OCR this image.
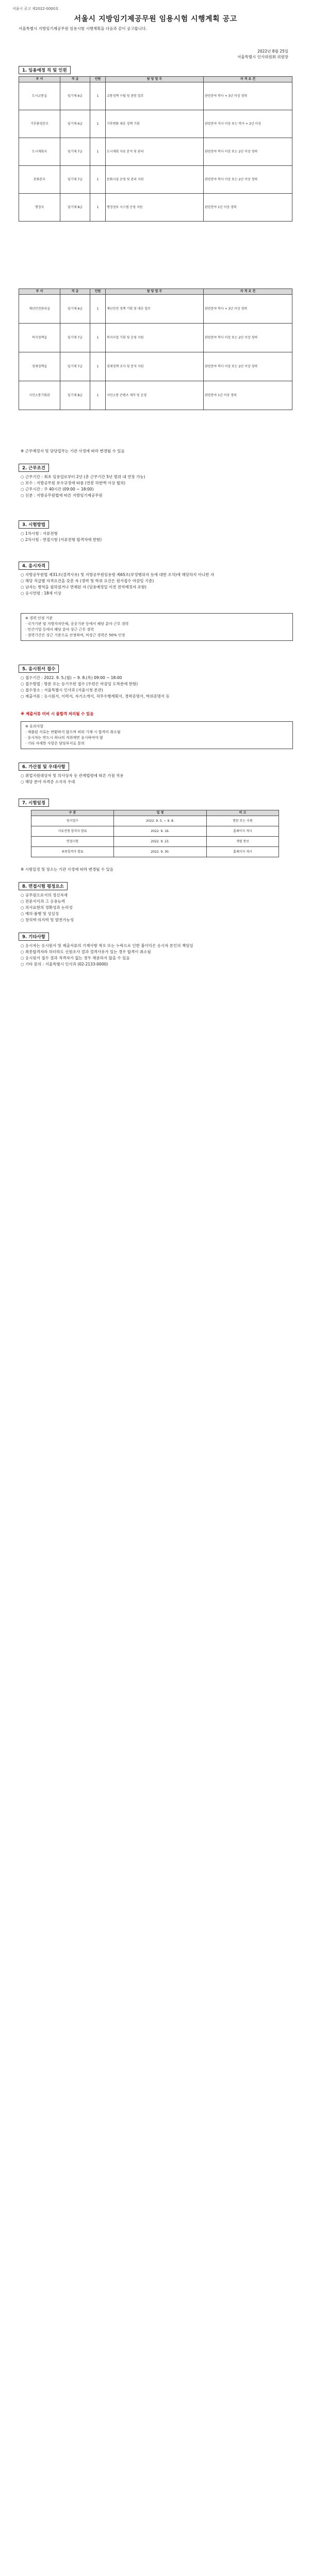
서울시 공고 제2022-0000호
서울시 지방임기제공무원 임용시험 시행계획 공고
서울특별시 지방임기제공무원 임용시험 시행계획을 다음과 같이 공고합니다.
2022년 8월 25일
서울특별시 인사위원회 위원장
1. 임용예정 직 및 인원
부 서	직 급	인원	담 당 업 무	자 격 요 건
도시교통실	임기제 6급	1	교통정책 수립 및 관련 업무	관련분야 학사 + 3년 이상 경력
기후환경본부	임기제 6급	1	기후변화 대응 정책 기획	관련분야 석사 이상 또는 학사 + 2년 이상
도시계획국	임기제 7급	1	도시계획 자료 분석 및 관리	관련분야 학사 이상 또는 2년 이상 경력
문화본부	임기제 7급	1	문화시설 운영 및 관리 지원	관련분야 학사 이상 또는 2년 이상 경력
행정국	임기제 8급	1	행정정보 시스템 운영 지원	관련분야 1년 이상 경력
부 서	직 급	인원	담 당 업 무	자 격 요 건
재난안전관리실	임기제 6급	1	재난안전 정책 기획 및 대응 업무	관련분야 학사 + 3년 이상 경력
복지정책실	임기제 7급	1	복지사업 기획 및 운영 지원	관련분야 학사 이상 또는 2년 이상 경력
경제정책실	임기제 7급	1	경제정책 조사 및 분석 지원	관련분야 학사 이상 또는 2년 이상 경력
시민소통기획관	임기제 8급	1	시민소통 콘텐츠 제작 및 운영	관련분야 1년 이상 경력
※ 근무예정지 및 담당업무는 기관 사정에 따라 변경될 수 있음
2. 근무조건
○ 근무기간 : 최초 임용일로부터 2년 (총 근무기간 5년 범위 내 연장 가능)
○ 보수 : 지방공무원 보수규정에 따름 (연봉 하한액 이상 협의)
○ 근무시간 : 주 40시간 (09:00 ~ 18:00)
○ 신분 : 지방공무원법에 따른 지방임기제공무원
3. 시험방법
○ 1차시험 : 서류전형
○ 2차시험 : 면접시험 (서류전형 합격자에 한함)
4. 응시자격
○ 지방공무원법 제31조(결격사유) 및 지방공무원임용령 제65조(부정행위자 등에 대한 조치)에 해당하지 아니한 자
○ 해당 직급별 자격요건을 갖춘 자 (경력 및 학위 요건은 원서접수 마감일 기준)
○ 남자는 병역을 필하였거나 면제된 자 (임용예정일 이전 전역예정자 포함)
○ 응시연령 : 18세 이상
※ 경력 인정 기준
· 국가기관 및 지방자치단체, 공공기관 등에서 해당 분야 근무 경력
· 민간기업 등에서 해당 분야 상근 근무 경력
· 경력기간은 상근 기준으로 산정하며, 비상근 경력은 50% 인정
5. 응시원서 접수
○ 접수기간 : 2022. 9. 5.(월) ~ 9. 8.(목) 09:00 ~ 18:00
○ 접수방법 : 방문 또는 등기우편 접수 (우편은 마감일 도착분에 한함)
○ 접수장소 : 서울특별시 인사과 (서울시청 본관)
○ 제출서류 : 응시원서, 이력서, 자기소개서, 직무수행계획서, 경력증명서, 학위증명서 등
※ 제출서류 미비 시 불합격 처리될 수 있음
※ 유의사항
· 제출된 서류는 반환하지 않으며 허위 기재 시 합격이 취소됨
· 응시자는 반드시 하나의 직위에만 응시하여야 함
· 기타 자세한 사항은 담당부서로 문의
6. 가산점 및 우대사항
○ 취업지원대상자 및 의사상자 등 관계법령에 따른 가점 적용
○ 해당 분야 자격증 소지자 우대
7. 시험일정
구 분	일 정	비 고
원서접수	2022. 9. 5. ~ 9. 8.	방문 또는 우편
서류전형 합격자 발표	2022. 9. 16.	홈페이지 게시
면접시험	2022. 9. 23.	개별 통보
최종합격자 발표	2022. 9. 30.	홈페이지 게시
※ 시험일정 및 장소는 기관 사정에 따라 변경될 수 있음
8. 면접시험 평정요소
○ 공무원으로서의 정신자세
○ 전문지식과 그 응용능력
○ 의사표현의 정확성과 논리성
○ 예의·품행 및 성실성
○ 창의력·의지력 및 발전가능성
9. 기타사항
○ 응시자는 응시원서 및 제출서류의 기재사항 착오 또는 누락으로 인한 불이익은 응시자 본인의 책임임
○ 최종합격자라 하더라도 신원조사 결과 결격사유가 있는 경우 합격이 취소됨
○ 응시원서 접수 결과 적격자가 없는 경우 채용하지 않을 수 있음
○ 기타 문의 : 서울특별시 인사과 (02-2133-0000)
